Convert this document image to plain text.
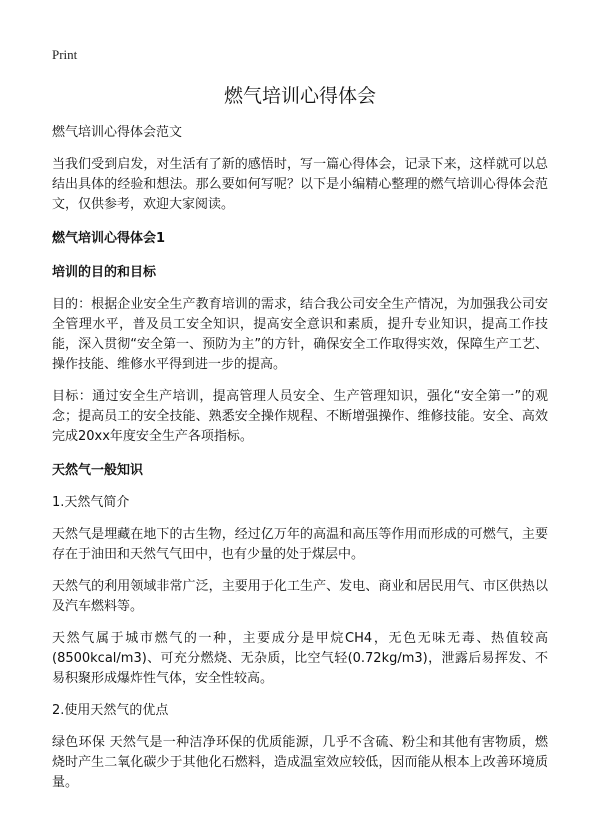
Print
燃气培训心得体会
燃气培训心得体会范文

当我们受到启发，对生活有了新的感悟时，写一篇心得体会，记录下来，这样就可以总结出具体的经验和想法。那么要如何写呢？以下是小编精心整理的燃气培训心得体会范文，仅供参考，欢迎大家阅读。

燃气培训心得体会1
培训的目的和目标

目的：根据企业安全生产教育培训的需求，结合我公司安全生产情况，为加强我公司安全管理水平，普及员工安全知识，提高安全意识和素质，提升专业知识，提高工作技能，深入贯彻“安全第一、预防为主”的方针，确保安全工作取得实效，保障生产工艺、操作技能、维修水平得到进一步的提高。

目标：通过安全生产培训，提高管理人员安全、生产管理知识，强化“安全第一”的观念；提高员工的安全技能、熟悉安全操作规程、不断增强操作、维修技能。安全、高效完成20xx年度安全生产各项指标。

天然气一般知识

1.天然气简介

天然气是埋藏在地下的古生物，经过亿万年的高温和高压等作用而形成的可燃气，主要存在于油田和天然气气田中，也有少量的处于煤层中。

天然气的利用领域非常广泛，主要用于化工生产、发电、商业和居民用气、市区供热以及汽车燃料等。

天然气属于城市燃气的一种，主要成分是甲烷CH4，无色无味无毒、热值较高(8500kcal/m3)、可充分燃烧、无杂质，比空气轻(0.72kg/m3)，泄露后易挥发、不易积聚形成爆炸性气体，安全性较高。

2.使用天然气的优点

绿色环保 天然气是一种洁净环保的优质能源，几乎不含硫、粉尘和其他有害物质，燃烧时产生二氧化碳少于其他化石燃料，造成温室效应较低，因而能从根本上改善环境质量。
